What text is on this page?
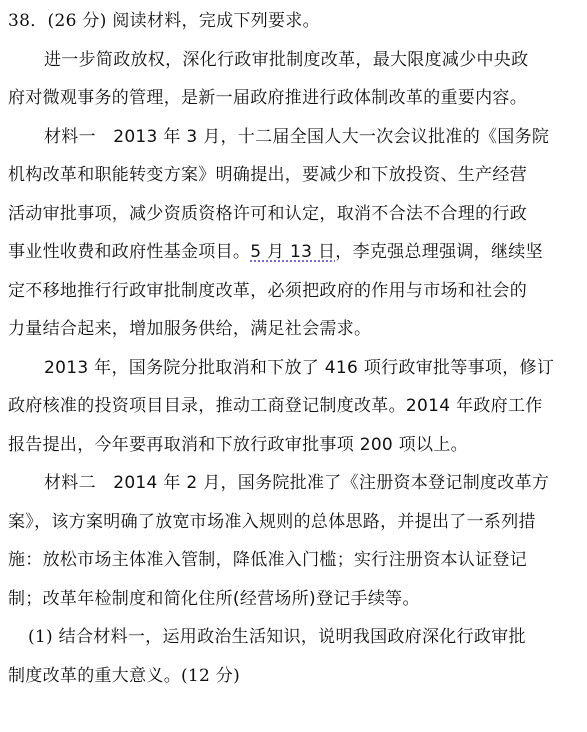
38．(26 分) 阅读材料，完成下列要求。
进一步简政放权，深化行政审批制度改革，最大限度减少中央政
府对微观事务的管理，是新一届政府推进行政体制改革的重要内容。
材料一　2013 年 3 月，十二届全国人大一次会议批准的《国务院
机构改革和职能转变方案》明确提出，要减少和下放投资、生产经营
活动审批事项，减少资质资格许可和认定，取消不合法不合理的行政
事业性收费和政府性基金项目。5 月 13 日，李克强总理强调，继续坚
定不移地推行行政审批制度改革，必须把政府的作用与市场和社会的
力量结合起来，增加服务供给，满足社会需求。
2013 年，国务院分批取消和下放了 416 项行政审批等事项，修订
政府核准的投资项目目录，推动工商登记制度改革。2014 年政府工作
报告提出，今年要再取消和下放行政审批事项 200 项以上。
材料二　2014 年 2 月，国务院批准了《注册资本登记制度改革方
案》，该方案明确了放宽市场准入规则的总体思路，并提出了一系列措
施：放松市场主体准入管制，降低准入门槛；实行注册资本认证登记
制；改革年检制度和简化住所(经营场所)登记手续等。
(1) 结合材料一，运用政治生活知识，说明我国政府深化行政审批
制度改革的重大意义。(12 分)
